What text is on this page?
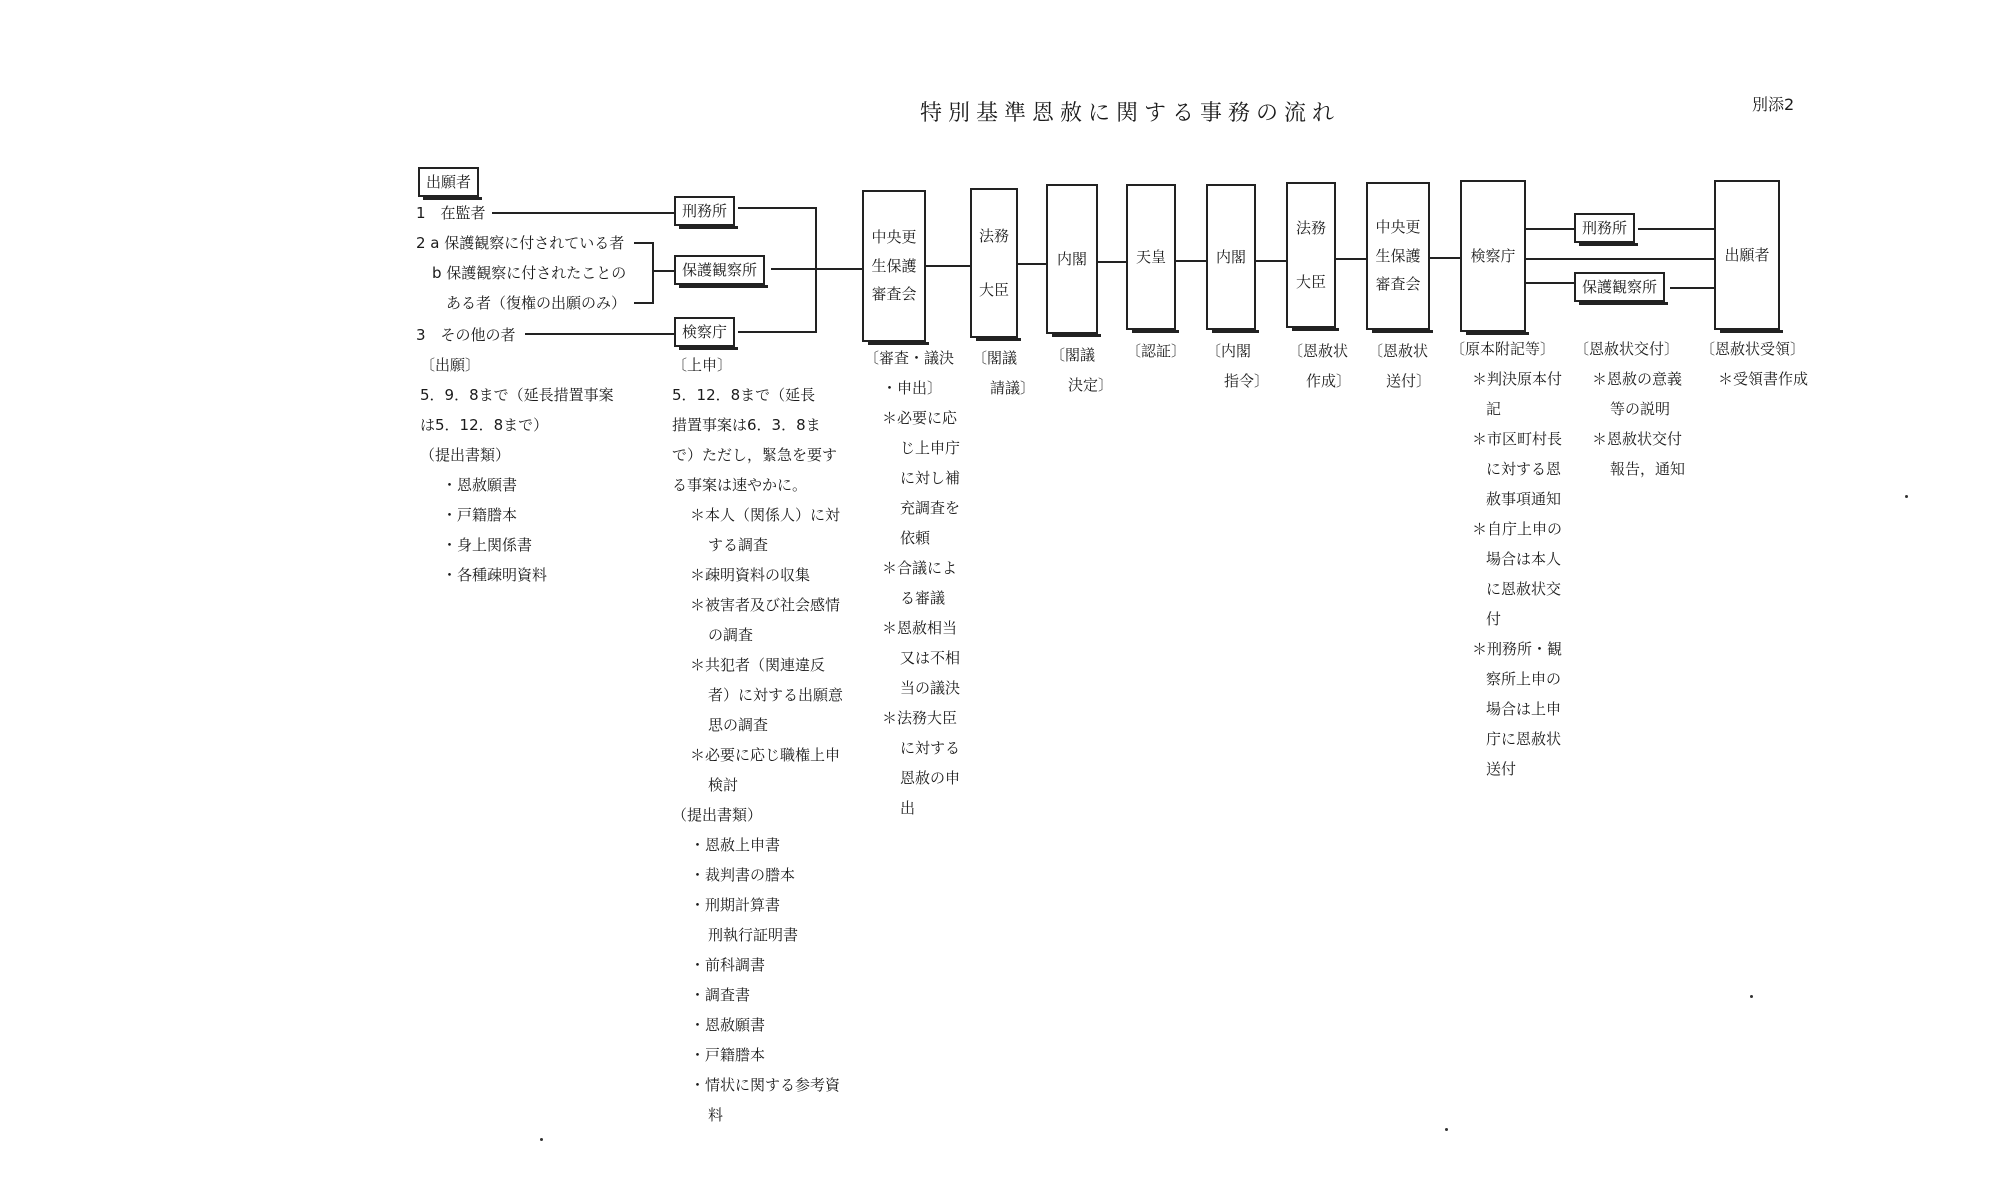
特別基準恩赦に関する事務の流れ	別添2
出願者
1　在監者
2 a 保護観察に付されている者
b 保護観察に付されたことの
ある者（復権の出願のみ）
3　その他の者
刑務所
保護観察所
検察庁
中央更
生保護
審査会
法務
大臣
内閣	天皇	内閣
法務
大臣
中央更
生保護
審査会
検察庁
刑務所
保護観察所
出願者
〔出願〕
5．9．8まで（延長措置事案
は5．12．8まで）
（提出書類）
・恩赦願書
・戸籍謄本
・身上関係書
・各種疎明資料
〔上申〕
5．12．8まで（延長
措置事案は6．3．8ま
で）ただし，緊急を要す
る事案は速やかに。
＊本人（関係人）に対
する調査
＊疎明資料の収集
＊被害者及び社会感情
の調査
＊共犯者（関連違反
者）に対する出願意
思の調査
＊必要に応じ職権上申
検討
（提出書類）
・恩赦上申書
・裁判書の謄本
・刑期計算書
刑執行証明書
・前科調書
・調査書
・恩赦願書
・戸籍謄本
・情状に関する参考資
料
〔審査・議決
・申出〕
＊必要に応
じ上申庁
に対し補
充調査を
依頼
＊合議によ
る審議
＊恩赦相当
又は不相
当の議決
＊法務大臣
に対する
恩赦の申
出
〔閣議
請議〕
〔閣議
決定〕
〔認証〕 〔内閣
指令〕
〔恩赦状
作成〕
〔恩赦状
送付〕
〔原本附記等〕
＊判決原本付
記
＊市区町村長
に対する恩
赦事項通知
＊自庁上申の
場合は本人
に恩赦状交
付
＊刑務所・観
察所上申の
場合は上申
庁に恩赦状
送付
〔恩赦状交付〕
＊恩赦の意義
等の説明
＊恩赦状交付
報告，通知
〔恩赦状受領〕
＊受領書作成
